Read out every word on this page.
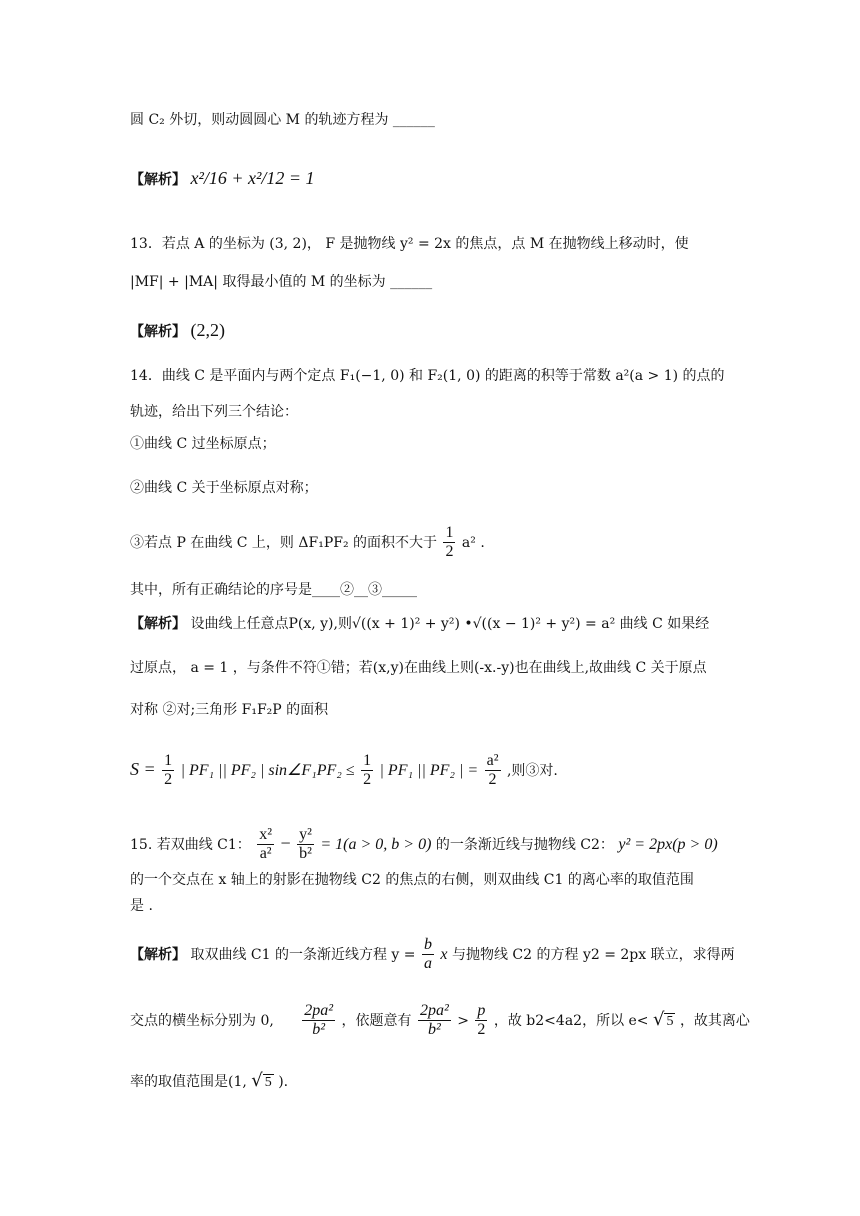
圆 C₂ 外切，则动圆圆心 M 的轨迹方程为 ______
【解析】 x²/16 + x²/12 = 1
13．若点 A 的坐标为 (3, 2)， F 是抛物线 y² = 2x 的焦点，点 M 在抛物线上移动时，使
|MF| + |MA| 取得最小值的 M 的坐标为 ______
【解析】 (2,2)
14．曲线 C 是平面内与两个定点 F₁(−1, 0) 和 F₂(1, 0) 的距离的积等于常数 a²(a > 1) 的点的
轨迹，给出下列三个结论：
①曲线 C 过坐标原点；
②曲线 C 关于坐标原点对称；
③若点 P 在曲线 C 上，则 ΔF₁PF₂ 的面积不大于 $\frac{1}{2} a^2$ .
其中，所有正确结论的序号是____②__③_____
【解析】 设曲线上任意点P(x, y),则√((x + 1)² + y²) •√((x − 1)² + y²) = a² 曲线 C 如果经
过原点， a = 1 ，与条件不符①错；若(x,y)在曲线上则(-x.-y)也在曲线上,故曲线 C 关于原点
对称 ②对;三角形 F₁F₂P 的面积
$S = \frac{1}{2}$ | PF₁ || PF₂ | sin∠F₁PF₂ ≤ $\frac{1}{2}$ | PF₁ || PF₂ | = $\frac{\text{a²}}{2}$ ,则③对.
15. 若双曲线 C1： $\frac{\text{x²}}{\text{a²}} - \frac{\text{y²}}{\text{b²}} = 1(a > 0$, b > 0) 的一条渐近线与抛物线 C2： y² = 2px(p > 0)
的一个交点在 x 轴上的射影在抛物线 C2 的焦点的右侧，则双曲线 C1 的离心率的取值范围
是 .
【解析】 取双曲线 C1 的一条渐近线方程 $y = \frac{b}{a}$ x 与抛物线 C2 的方程 y2 = 2px 联立，求得两
交点的横坐标分别为 0, $\frac{\text{2pa²}}{\text{b²}}$ ，依题意有 $\frac{\text{2pa²}}{\text{b²}} > \frac{p}{2}$ ，故 b2<4a2，所以 e< √ 5 ，故其离心
率的取值范围是(1, √ 5 ).
